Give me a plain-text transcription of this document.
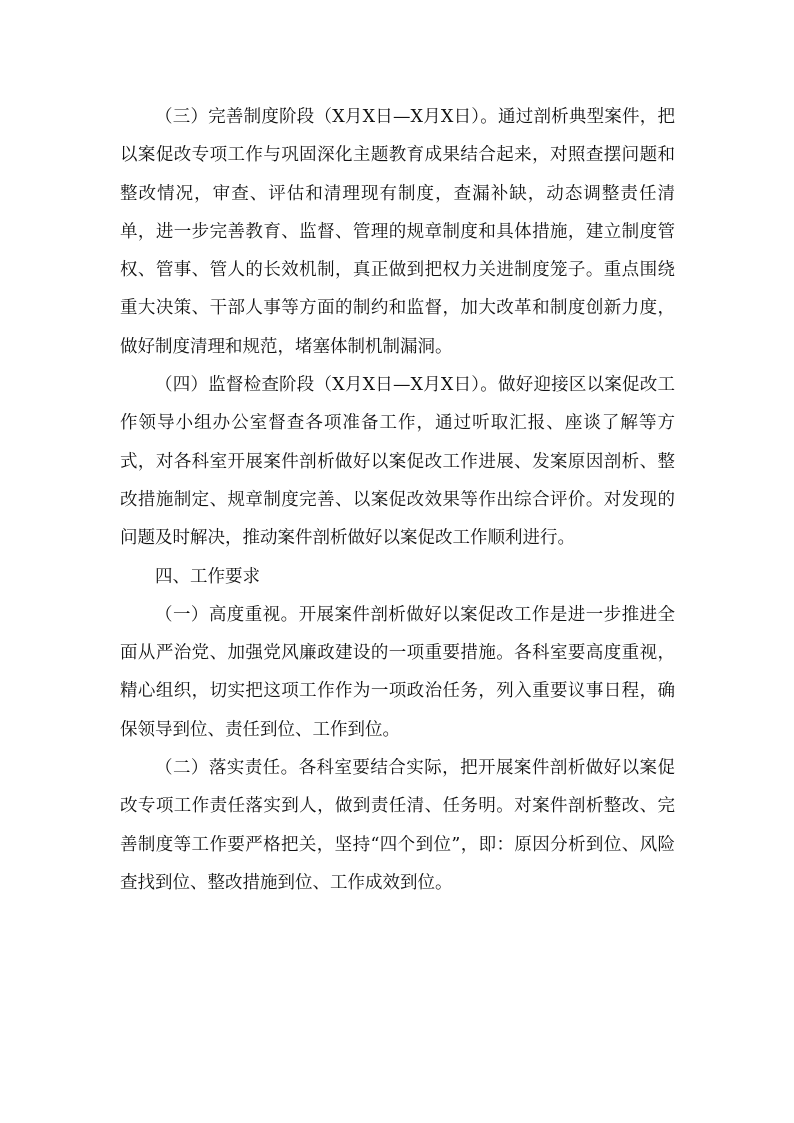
（三）完善制度阶段（X月X日—X月X日）。通过剖析典型案件，把以案促改专项工作与巩固深化主题教育成果结合起来，对照查摆问题和整改情况，审查、评估和清理现有制度，查漏补缺，动态调整责任清单，进一步完善教育、监督、管理的规章制度和具体措施，建立制度管权、管事、管人的长效机制，真正做到把权力关进制度笼子。重点围绕重大决策、干部人事等方面的制约和监督，加大改革和制度创新力度，做好制度清理和规范，堵塞体制机制漏洞。

（四）监督检查阶段（X月X日—X月X日）。做好迎接区以案促改工作领导小组办公室督查各项准备工作，通过听取汇报、座谈了解等方式，对各科室开展案件剖析做好以案促改工作进展、发案原因剖析、整改措施制定、规章制度完善、以案促改效果等作出综合评价。对发现的问题及时解决，推动案件剖析做好以案促改工作顺利进行。

四、工作要求

（一）高度重视。开展案件剖析做好以案促改工作是进一步推进全面从严治党、加强党风廉政建设的一项重要措施。各科室要高度重视，精心组织，切实把这项工作作为一项政治任务，列入重要议事日程，确保领导到位、责任到位、工作到位。

（二）落实责任。各科室要结合实际，把开展案件剖析做好以案促改专项工作责任落实到人，做到责任清、任务明。对案件剖析整改、完善制度等工作要严格把关，坚持“四个到位”，即：原因分析到位、风险查找到位、整改措施到位、工作成效到位。
